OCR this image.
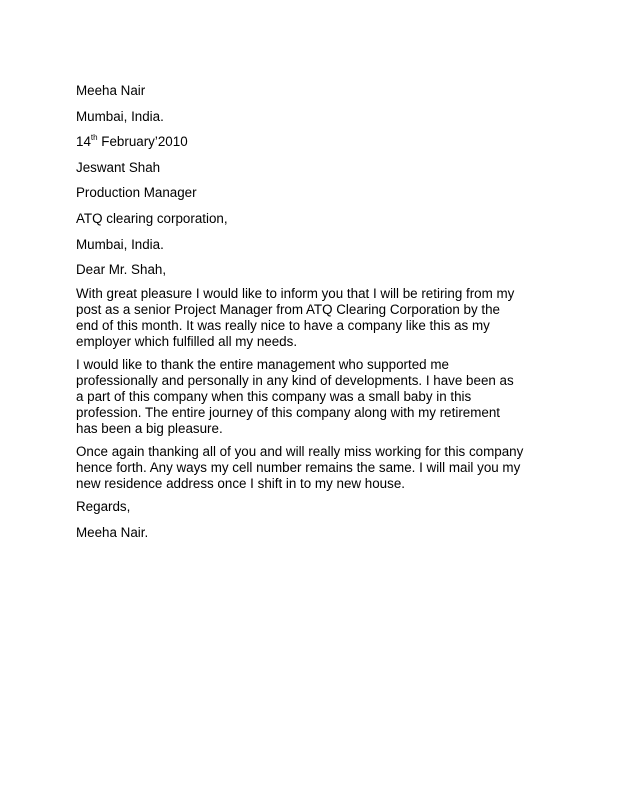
Meeha Nair
Mumbai, India.
14th February’2010
Jeswant Shah
Production Manager
ATQ clearing corporation,
Mumbai, India.
Dear Mr. Shah,
With great pleasure I would like to inform you that I will be retiring from my
post as a senior Project Manager from ATQ Clearing Corporation by the
end of this month. It was really nice to have a company like this as my
employer which fulfilled all my needs.
I would like to thank the entire management who supported me
professionally and personally in any kind of developments. I have been as
a part of this company when this company was a small baby in this
profession. The entire journey of this company along with my retirement
has been a big pleasure.
Once again thanking all of you and will really miss working for this company
hence forth. Any ways my cell number remains the same. I will mail you my
new residence address once I shift in to my new house.
Regards,
Meeha Nair.
